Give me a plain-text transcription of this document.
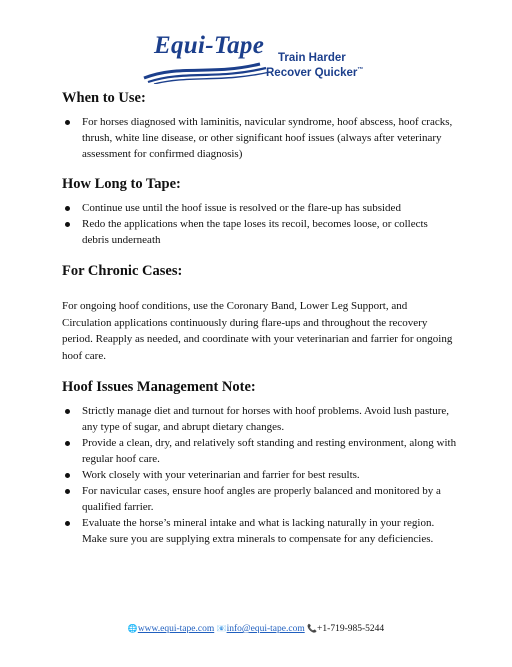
Equi-Tape Train Harder
Recover Quicker™
When to Use:
For horses diagnosed with laminitis, navicular syndrome, hoof abscess, hoof cracks, thrush, white line disease, or other significant hoof issues (always after veterinary assessment for confirmed diagnosis)
How Long to Tape:
Continue use until the hoof issue is resolved or the flare-up has subsided
Redo the applications when the tape loses its recoil, becomes loose, or collects debris underneath
For Chronic Cases:

For ongoing hoof conditions, use the Coronary Band, Lower Leg Support, and Circulation applications continuously during flare-ups and throughout the recovery period. Reapply as needed, and coordinate with your veterinarian and farrier for ongoing hoof care.

Hoof Issues Management Note:
Strictly manage diet and turnout for horses with hoof problems. Avoid lush pasture, any type of sugar, and abrupt dietary changes.
Provide a clean, dry, and relatively soft standing and resting environment, along with regular hoof care.
Work closely with your veterinarian and farrier for best results.
For navicular cases, ensure hoof angles are properly balanced and monitored by a qualified farrier.
Evaluate the horse’s mineral intake and what is lacking naturally in your region. Make sure you are supplying extra minerals to compensate for any deficiencies.
🌐www.equi-tape.com 📧info@equi-tape.com 📞+1-719-985-5244
